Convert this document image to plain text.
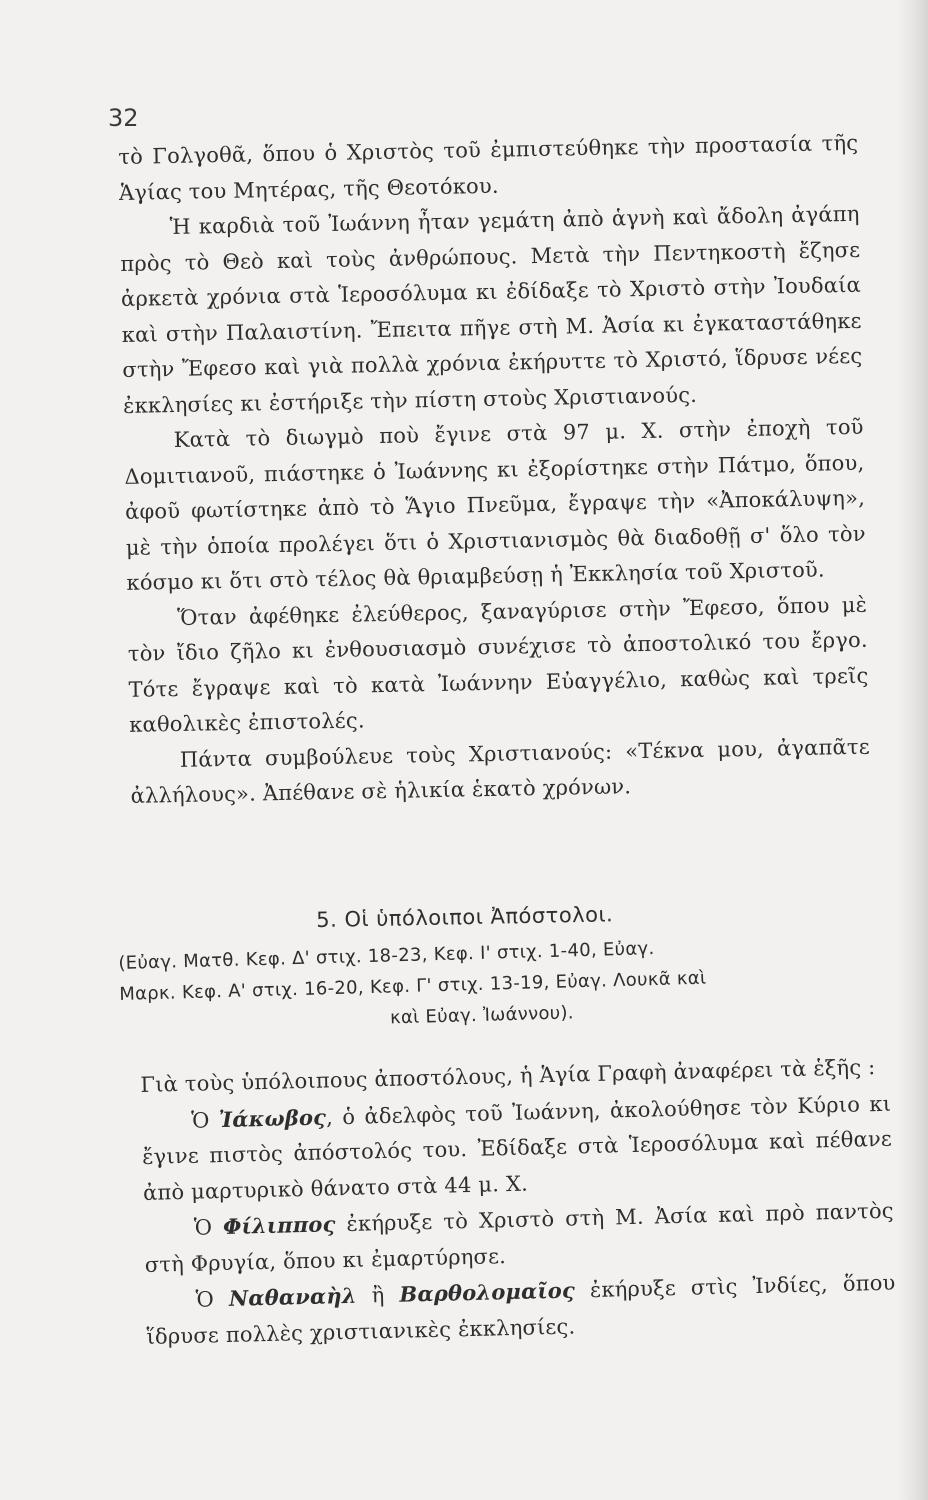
32

τὸ Γολγοθᾶ, ὅπου ὁ Χριστὸς τοῦ ἐμπιστεύθηκε τὴν προστασία τῆς Ἁγίας του Μητέρας, τῆς Θεοτόκου.

Ἡ καρδιὰ τοῦ Ἰωάννη ἦταν γεμάτη ἀπὸ ἁγνὴ καὶ ἄδολη ἀγάπη πρὸς τὸ Θεὸ καὶ τοὺς ἀνθρώπους. Μετὰ τὴν Πεντηκοστὴ ἔζησε ἀρκετὰ χρόνια στὰ Ἱεροσόλυμα κι ἐδίδαξε τὸ Χριστὸ στὴν Ἰουδαία καὶ στὴν Παλαιστίνη. Ἔπειτα πῆγε στὴ Μ. Ἀσία κι ἐγκαταστάθηκε στὴν Ἔφεσο καὶ γιὰ πολλὰ χρόνια ἐκήρυττε τὸ Χριστό, ἵδρυσε νέες ἐκκλησίες κι ἐστήριξε τὴν πίστη στοὺς Χριστιανούς.

Κατὰ τὸ διωγμὸ ποὺ ἔγινε στὰ 97 μ. Χ. στὴν ἐποχὴ τοῦ Δομιτιανοῦ, πιάστηκε ὁ Ἰωάννης κι ἐξορίστηκε στὴν Πάτμο, ὅπου, ἀφοῦ φωτίστηκε ἀπὸ τὸ Ἅγιο Πνεῦμα, ἔγραψε τὴν «Ἀποκάλυψη», μὲ τὴν ὁποία προλέγει ὅτι ὁ Χριστιανισμὸς θὰ διαδοθῇ σ' ὅλο τὸν κόσμο κι ὅτι στὸ τέλος θὰ θριαμβεύσῃ ἡ Ἐκκλησία τοῦ Χριστοῦ.

Ὅταν ἀφέθηκε ἐλεύθερος, ξαναγύρισε στὴν Ἔφεσο, ὅπου μὲ τὸν ἴδιο ζῆλο κι ἐνθουσιασμὸ συνέχισε τὸ ἀποστολικό του ἔργο. Τότε ἔγραψε καὶ τὸ κατὰ Ἰωάννην Εὐαγγέλιο, καθὼς καὶ τρεῖς καθολικὲς ἐπιστολές.

Πάντα συμβούλευε τοὺς Χριστιανούς: «Τέκνα μου, ἀγαπᾶτε ἀλλήλους». Ἀπέθανε σὲ ἡλικία ἑκατὸ χρόνων.

5. Οἱ ὑπόλοιποι Ἀπόστολοι.
(Εὐαγ. Ματθ. Κεφ. Δ' στιχ. 18-23, Κεφ. Ι' στιχ. 1-40, Εὐαγ.
Μαρκ. Κεφ. Α' στιχ. 16-20, Κεφ. Γ' στιχ. 13-19, Εὐαγ. Λουκᾶ καὶ
καὶ Εὐαγ. Ἰωάννου).

Γιὰ τοὺς ὑπόλοιπους ἀποστόλους, ἡ Ἁγία Γραφὴ ἀναφέρει τὰ ἑξῆς :

Ὁ Ἰάκωβος, ὁ ἀδελφὸς τοῦ Ἰωάννη, ἀκολούθησε τὸν Κύριο κι ἔγινε πιστὸς ἀπόστολός του. Ἐδίδαξε στὰ Ἱεροσόλυμα καὶ πέθανε ἀπὸ μαρτυρικὸ θάνατο στὰ 44 μ. Χ.

Ὁ Φίλιππος ἐκήρυξε τὸ Χριστὸ στὴ Μ. Ἀσία καὶ πρὸ παντὸς στὴ Φρυγία, ὅπου κι ἐμαρτύρησε.

Ὁ Ναθαναὴλ ἢ Βαρθολομαῖος ἐκήρυξε στὶς Ἰνδίες, ὅπου ἵδρυσε πολλὲς χριστιανικὲς ἐκκλησίες.
